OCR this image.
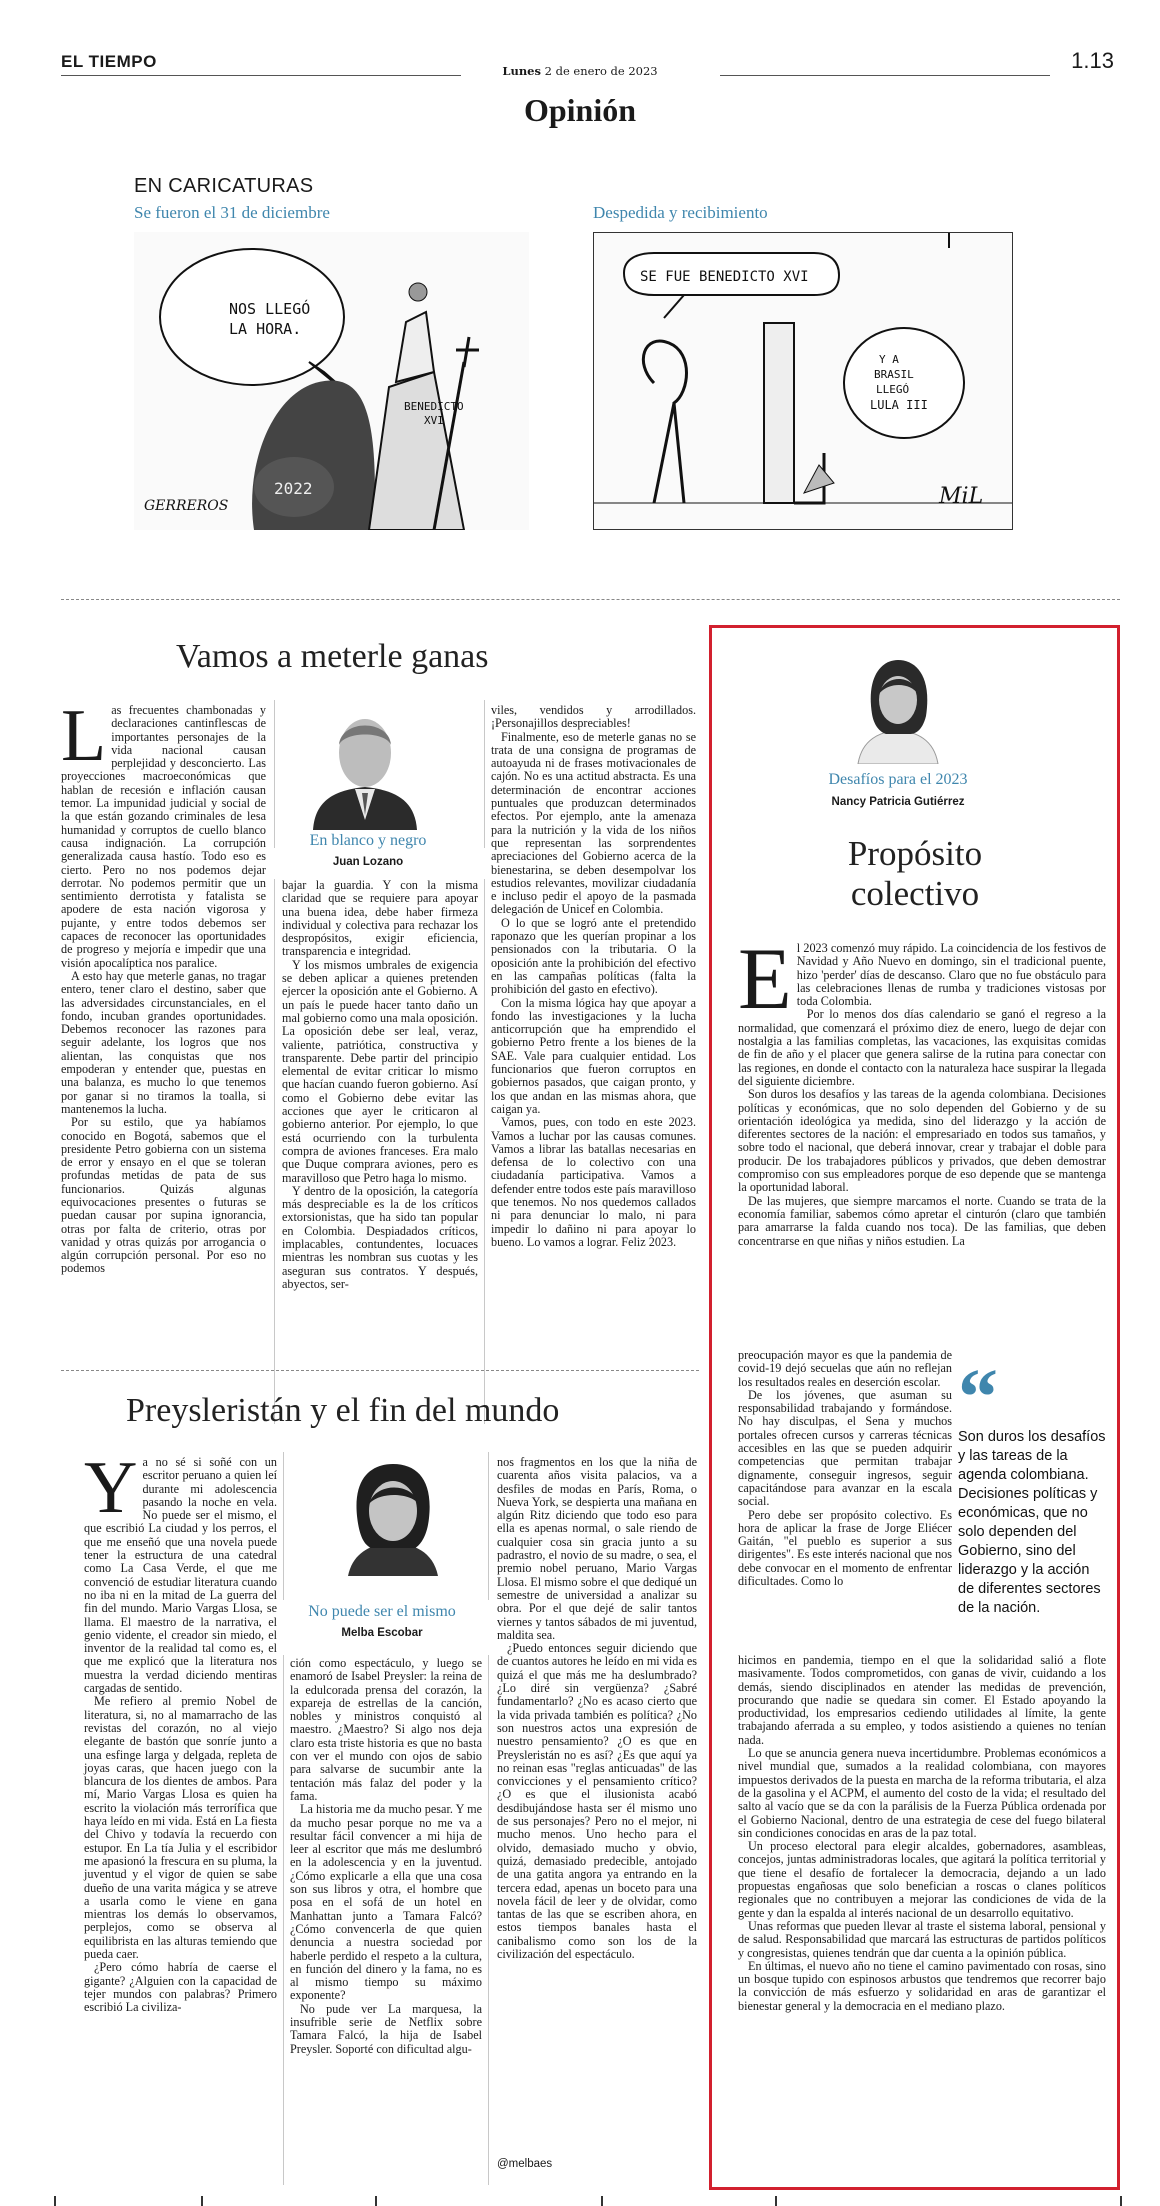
EL TIEMPO	Lunes 2 de enero de 2023	1.13
Opinión
EN CARICATURAS
Se fueron el 31 de diciembre	Despedida y recibimiento
NOS LLEGÓ
LA HORA.
2022
BENEDICTO
XVI
GERREROS
SE FUE BENEDICTO XVI
Y A
BRASIL
LLEGÓ
LULA III
MiL
Vamos a meterle ganas
L as frecuentes chambonadas y declaraciones cantinflescas de importantes personajes de la vida nacional causan perplejidad y desconcierto. Las proyecciones macroeconómicas que hablan de recesión e inflación causan temor. La impunidad judicial y social de la que están gozando criminales de lesa humanidad y corruptos de cuello blanco causa indignación. La corrupción generalizada causa hastío. Todo eso es cierto. Pero no nos podemos dejar derrotar. No podemos permitir que un sentimiento derrotista y fatalista se apodere de esta nación vigorosa y pujante, y entre todos debemos ser capaces de reconocer las oportunidades de progreso y mejoría e impedir que una visión apocalíptica nos paralice.

A esto hay que meterle ganas, no tragar entero, tener claro el destino, saber que las adversidades circunstanciales, en el fondo, incuban grandes oportunidades. Debemos reconocer las razones para seguir adelante, los logros que nos alientan, las conquistas que nos empoderan y entender que, puestas en una balanza, es mucho lo que tenemos por ganar si no tiramos la toalla, si mantenemos la lucha.

Por su estilo, que ya habíamos conocido en Bogotá, sabemos que el presidente Petro gobierna con un sistema de error y ensayo en el que se toleran profundas metidas de pata de sus funcionarios. Quizás algunas equivocaciones presentes o futuras se puedan causar por supina ignorancia, otras por falta de criterio, otras por vanidad y otras quizás por arrogancia o algún corrupción personal. Por eso no podemos

En blanco y negro
Juan Lozano

bajar la guardia. Y con la misma claridad que se requiere para apoyar una buena idea, debe haber firmeza individual y colectiva para rechazar los despropósitos, exigir eficiencia, transparencia e integridad.

Y los mismos umbrales de exigencia se deben aplicar a quienes pretenden ejercer la oposición ante el Gobierno. A un país le puede hacer tanto daño un mal gobierno como una mala oposición. La oposición debe ser leal, veraz, valiente, patriótica, constructiva y transparente. Debe partir del principio elemental de evitar criticar lo mismo que hacían cuando fueron gobierno. Así como el Gobierno debe evitar las acciones que ayer le criticaron al gobierno anterior. Por ejemplo, lo que está ocurriendo con la turbulenta compra de aviones franceses. Era malo que Duque comprara aviones, pero es maravilloso que Petro haga lo mismo.

Y dentro de la oposición, la categoría más despreciable es la de los críticos extorsionistas, que ha sido tan popular en Colombia. Despiadados críticos, implacables, contundentes, locuaces mientras les nombran sus cuotas y les aseguran sus contratos. Y después, abyectos, ser-

viles, vendidos y arrodillados. ¡Personajillos despreciables!

Finalmente, eso de meterle ganas no se trata de una consigna de programas de autoayuda ni de frases motivacionales de cajón. No es una actitud abstracta. Es una determinación de encontrar acciones puntuales que produzcan determinados efectos. Por ejemplo, ante la amenaza para la nutrición y la vida de los niños que representan las sorprendentes apreciaciones del Gobierno acerca de la bienestarina, se deben desempolvar los estudios relevantes, movilizar ciudadanía e incluso pedir el apoyo de la pasmada delegación de Unicef en Colombia.

O lo que se logró ante el pretendido raponazo que les querían propinar a los pensionados con la tributaria. O la oposición ante la prohibición del efectivo en las campañas políticas (falta la prohibición del gasto en efectivo).

Con la misma lógica hay que apoyar a fondo las investigaciones y la lucha anticorrupción que ha emprendido el gobierno Petro frente a los bienes de la SAE. Vale para cualquier entidad. Los funcionarios que fueron corruptos en gobiernos pasados, que caigan pronto, y los que andan en las mismas ahora, que caigan ya.

Vamos, pues, con todo en este 2023. Vamos a luchar por las causas comunes. Vamos a librar las batallas necesarias en defensa de lo colectivo con una ciudadanía participativa. Vamos a defender entre todos este país maravilloso que tenemos. No nos quedemos callados ni para denunciar lo malo, ni para impedir lo dañino ni para apoyar lo bueno. Lo vamos a lograr. Feliz 2023.

Preysleristán y el fin del mundo
Y a no sé si soñé con un escritor peruano a quien leí durante mi adolescencia pasando la noche en vela. No puede ser el mismo, el que escribió La ciudad y los perros, el que me enseñó que una novela puede tener la estructura de una catedral como La Casa Verde, el que me convenció de estudiar literatura cuando no iba ni en la mitad de La guerra del fin del mundo. Mario Vargas Llosa, se llama. El maestro de la narrativa, el genio vidente, el creador sin miedo, el inventor de la realidad tal como es, el que me explicó que la literatura nos muestra la verdad diciendo mentiras cargadas de sentido.

Me refiero al premio Nobel de literatura, si, no al mamarracho de las revistas del corazón, no al viejo elegante de bastón que sonríe junto a una esfinge larga y delgada, repleta de joyas caras, que hacen juego con la blancura de los dientes de ambos. Para mí, Mario Vargas Llosa es quien ha escrito la violación más terrorífica que haya leído en mi vida. Está en La fiesta del Chivo y todavía la recuerdo con estupor. En La tía Julia y el escribidor me apasionó la frescura en su pluma, la juventud y el vigor de quien se sabe dueño de una varita mágica y se atreve a usarla como le viene en gana mientras los demás lo observamos, perplejos, como se observa al equilibrista en las alturas temiendo que pueda caer.

¿Pero cómo habría de caerse el gigante? ¿Alguien con la capacidad de tejer mundos con palabras? Primero escribió La civiliza-

No puede ser el mismo
Melba Escobar

ción como espectáculo, y luego se enamoró de Isabel Preysler: la reina de la edulcorada prensa del corazón, la expareja de estrellas de la canción, nobles y ministros conquistó al maestro. ¿Maestro? Si algo nos deja claro esta triste historia es que no basta con ver el mundo con ojos de sabio para salvarse de sucumbir ante la tentación más falaz del poder y la fama.

La historia me da mucho pesar. Y me da mucho pesar porque no me va a resultar fácil convencer a mi hija de leer al escritor que más me deslumbró en la adolescencia y en la juventud. ¿Cómo explicarle a ella que una cosa son sus libros y otra, el hombre que posa en el sofá de un hotel en Manhattan junto a Tamara Falcó? ¿Cómo convencerla de que quien denuncia a nuestra sociedad por haberle perdido el respeto a la cultura, en función del dinero y la fama, no es al mismo tiempo su máximo exponente?

No pude ver La marquesa, la insufrible serie de Netflix sobre Tamara Falcó, la hija de Isabel Preysler. Soporté con dificultad algu-

nos fragmentos en los que la niña de cuarenta años visita palacios, va a desfiles de modas en París, Roma, o Nueva York, se despierta una mañana en algún Ritz diciendo que todo eso para ella es apenas normal, o sale riendo de cualquier cosa sin gracia junto a su padrastro, el novio de su madre, o sea, el premio nobel peruano, Mario Vargas Llosa. El mismo sobre el que dediqué un semestre de universidad a analizar su obra. Por el que dejé de salir tantos viernes y tantos sábados de mi juventud, maldita sea.

¿Puedo entonces seguir diciendo que de cuantos autores he leído en mi vida es quizá el que más me ha deslumbrado? ¿Lo diré sin vergüenza? ¿Sabré fundamentarlo? ¿No es acaso cierto que la vida privada también es política? ¿No son nuestros actos una expresión de nuestro pensamiento? ¿O es que en Preysleristán no es así? ¿Es que aquí ya no reinan esas "reglas anticuadas" de las convicciones y el pensamiento crítico? ¿O es que el ilusionista acabó desdibujándose hasta ser él mismo uno de sus personajes? Pero no el mejor, ni mucho menos. Uno hecho para el olvido, demasiado mucho y obvio, quizá, demasiado predecible, antojado de una gatita angora ya entrando en la tercera edad, apenas un boceto para una novela fácil de leer y de olvidar, como tantas de las que se escriben ahora, en estos tiempos banales hasta el canibalismo como son los de la civilización del espectáculo.

@melbaes
Desafíos para el 2023
Nancy Patricia Gutiérrez
Propósito
colectivo
E l 2023 comenzó muy rápido. La coincidencia de los festivos de Navidad y Año Nuevo en domingo, sin el tradicional puente, hizo 'perder' días de descanso. Claro que no fue obstáculo para las celebraciones llenas de rumba y tradiciones vistosas por toda Colombia.

Por lo menos dos días calendario se ganó el regreso a la normalidad, que comenzará el próximo diez de enero, luego de dejar con nostalgia a las familias completas, las vacaciones, las exquisitas comidas de fin de año y el placer que genera salirse de la rutina para conectar con las regiones, en donde el contacto con la naturaleza hace suspirar la llegada del siguiente diciembre.

Son duros los desafíos y las tareas de la agenda colombiana. Decisiones políticas y económicas, que no solo dependen del Gobierno y de su orientación ideológica ya medida, sino del liderazgo y la acción de diferentes sectores de la nación: el empresariado en todos sus tamaños, y sobre todo el nacional, que deberá innovar, crear y trabajar el doble para producir. De los trabajadores públicos y privados, que deben demostrar compromiso con sus empleadores porque de eso depende que se mantenga la oportunidad laboral.

De las mujeres, que siempre marcamos el norte. Cuando se trata de la economía familiar, sabemos cómo apretar el cinturón (claro que también para amarrarse la falda cuando nos toca). De las familias, que deben concentrarse en que niñas y niños estudien. La

preocupación mayor es que la pandemia de covid-19 dejó secuelas que aún no reflejan los resultados reales en deserción escolar.

De los jóvenes, que asuman su responsabilidad trabajando y formándose. No hay disculpas, el Sena y muchos portales ofrecen cursos y carreras técnicas accesibles en las que se pueden adquirir competencias que permitan trabajar dignamente, conseguir ingresos, seguir capacitándose para avanzar en la escala social.

Pero debe ser propósito colectivo. Es hora de aplicar la frase de Jorge Eliécer Gaitán, "el pueblo es superior a sus dirigentes". Es este interés nacional que nos debe convocar en el momento de enfrentar dificultades. Como lo

“
Son duros los desafíos y las tareas de la agenda colombiana. Decisiones políticas y económicas, que no solo dependen del Gobierno, sino del liderazgo y la acción de diferentes sectores de la nación.

hicimos en pandemia, tiempo en el que la solidaridad salió a flote masivamente. Todos comprometidos, con ganas de vivir, cuidando a los demás, siendo disciplinados en atender las medidas de prevención, procurando que nadie se quedara sin comer. El Estado apoyando la productividad, los empresarios cediendo utilidades al límite, la gente trabajando aferrada a su empleo, y todos asistiendo a quienes no tenían nada.

Lo que se anuncia genera nueva incertidumbre. Problemas económicos a nivel mundial que, sumados a la realidad colombiana, con mayores impuestos derivados de la puesta en marcha de la reforma tributaria, el alza de la gasolina y el ACPM, el aumento del costo de la vida; el resultado del salto al vacío que se da con la parálisis de la Fuerza Pública ordenada por el Gobierno Nacional, dentro de una estrategia de cese del fuego bilateral sin condiciones conocidas en aras de la paz total.

Un proceso electoral para elegir alcaldes, gobernadores, asambleas, concejos, juntas administradoras locales, que agitará la política territorial y que tiene el desafío de fortalecer la democracia, dejando a un lado propuestas engañosas que solo benefician a roscas o clanes políticos regionales que no contribuyen a mejorar las condiciones de vida de la gente y dan la espalda al interés nacional de un desarrollo equitativo.

Unas reformas que pueden llevar al traste el sistema laboral, pensional y de salud. Responsabilidad que marcará las estructuras de partidos políticos y congresistas, quienes tendrán que dar cuenta a la opinión pública.

En últimas, el nuevo año no tiene el camino pavimentado con rosas, sino un bosque tupido con espinosos arbustos que tendremos que recorrer bajo la convicción de más esfuerzo y solidaridad en aras de garantizar el bienestar general y la democracia en el mediano plazo.
